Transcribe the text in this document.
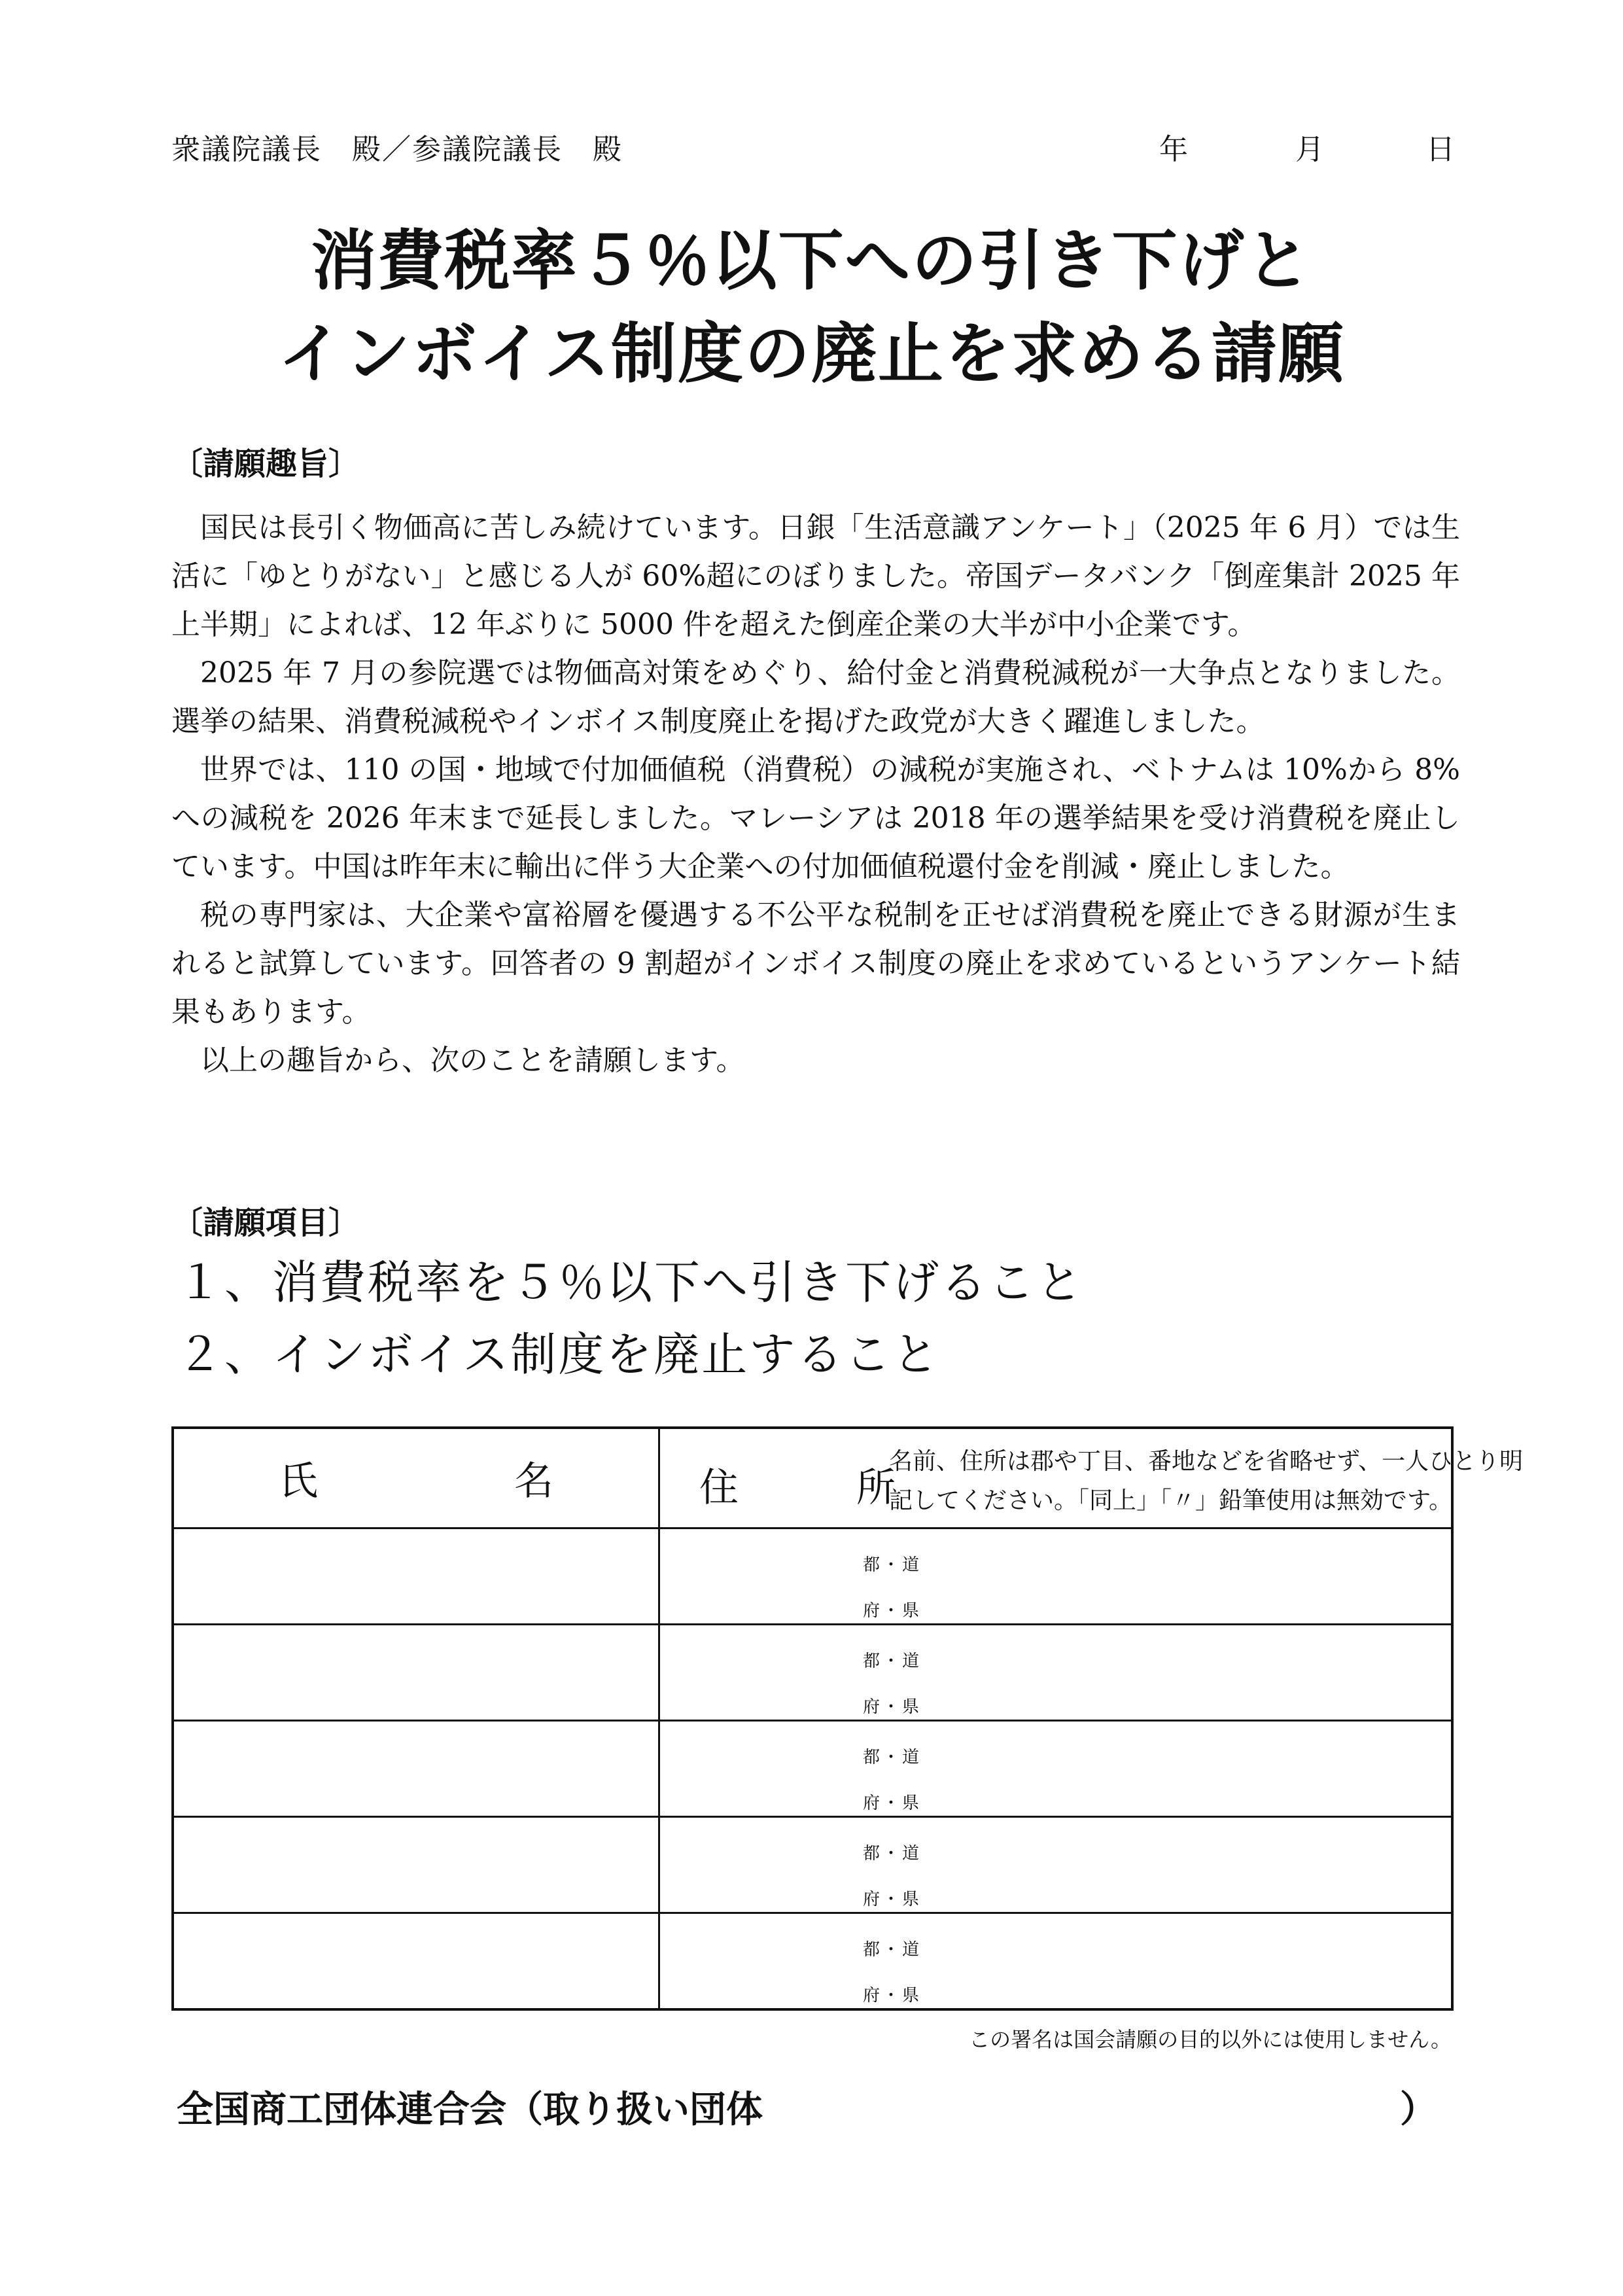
衆議院議長　殿／参議院議長　殿	年	月	日
消費税率５％以下への引き下げと
インボイス制度の廃止を求める請願
〔請願趣旨〕

国民は長引く物価高に苦しみ続けています。日銀「生活意識アンケート」（2025 年 6 月）では生活に「ゆとりがない」と感じる人が 60%超にのぼりました。帝国データバンク「倒産集計 2025 年上半期」によれば、12 年ぶりに 5000 件を超えた倒産企業の大半が中小企業です。

2025 年 7 月の参院選では物価高対策をめぐり、給付金と消費税減税が一大争点となりました。選挙の結果、消費税減税やインボイス制度廃止を掲げた政党が大きく躍進しました。

世界では、110 の国・地域で付加価値税（消費税）の減税が実施され、ベトナムは 10%から 8%への減税を 2026 年末まで延長しました。マレーシアは 2018 年の選挙結果を受け消費税を廃止しています。中国は昨年末に輸出に伴う大企業への付加価値税還付金を削減・廃止しました。

税の専門家は、大企業や富裕層を優遇する不公平な税制を正せば消費税を廃止できる財源が生まれると試算しています。回答者の 9 割超がインボイス制度の廃止を求めているというアンケート結果もあります。

以上の趣旨から、次のことを請願します。

〔請願項目〕
１、消費税率を５％以下へ引き下げること
２、インボイス制度を廃止すること
氏　名	住　所
名前、住所は郡や丁目、番地などを省略せず、一人ひとり明記してください。「同上」「〃」鉛筆使用は無効です。

	都・道
府・県

	都・道
府・県

	都・道
府・県

	都・道
府・県

	都・道
府・県
この署名は国会請願の目的以外には使用しません。
全国商工団体連合会（取り扱い団体	）
